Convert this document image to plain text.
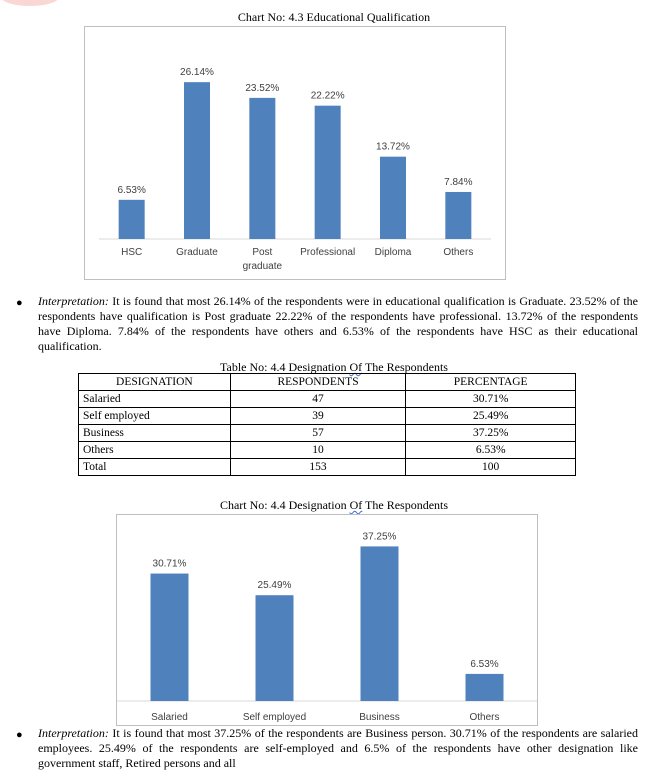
Chart No: 4.3 Educational Qualification
6.53%
HSC
26.14%
Graduate
23.52%
Post graduate
22.22%
Professional
13.72%
Diploma
7.84%
Others
● Interpretation: It is found that most 26.14% of the respondents were in educational qualification is Graduate. 23.52% of the respondents have qualification is Post graduate 22.22% of the respondents have professional. 13.72% of the respondents have Diploma. 7.84% of the respondents have others and 6.53% of the respondents have HSC as their educational qualification.
Table No: 4.4 Designation Of The Respondents
DESIGNATION	RESPONDENTS	PERCENTAGE
Salaried	47	30.71%
Self employed	39	25.49%
Business	57	37.25%
Others	10	6.53%
Total	153	100
Chart No: 4.4 Designation Of The Respondents
30.71%
Salaried
25.49%
Self employed
37.25%
Business
6.53%
Others
● Interpretation: It is found that most 37.25% of the respondents are Business person. 30.71% of the respondents are salaried employees. 25.49% of the respondents are self-employed and 6.5% of the respondents have other designation like government staff, Retired persons and all
